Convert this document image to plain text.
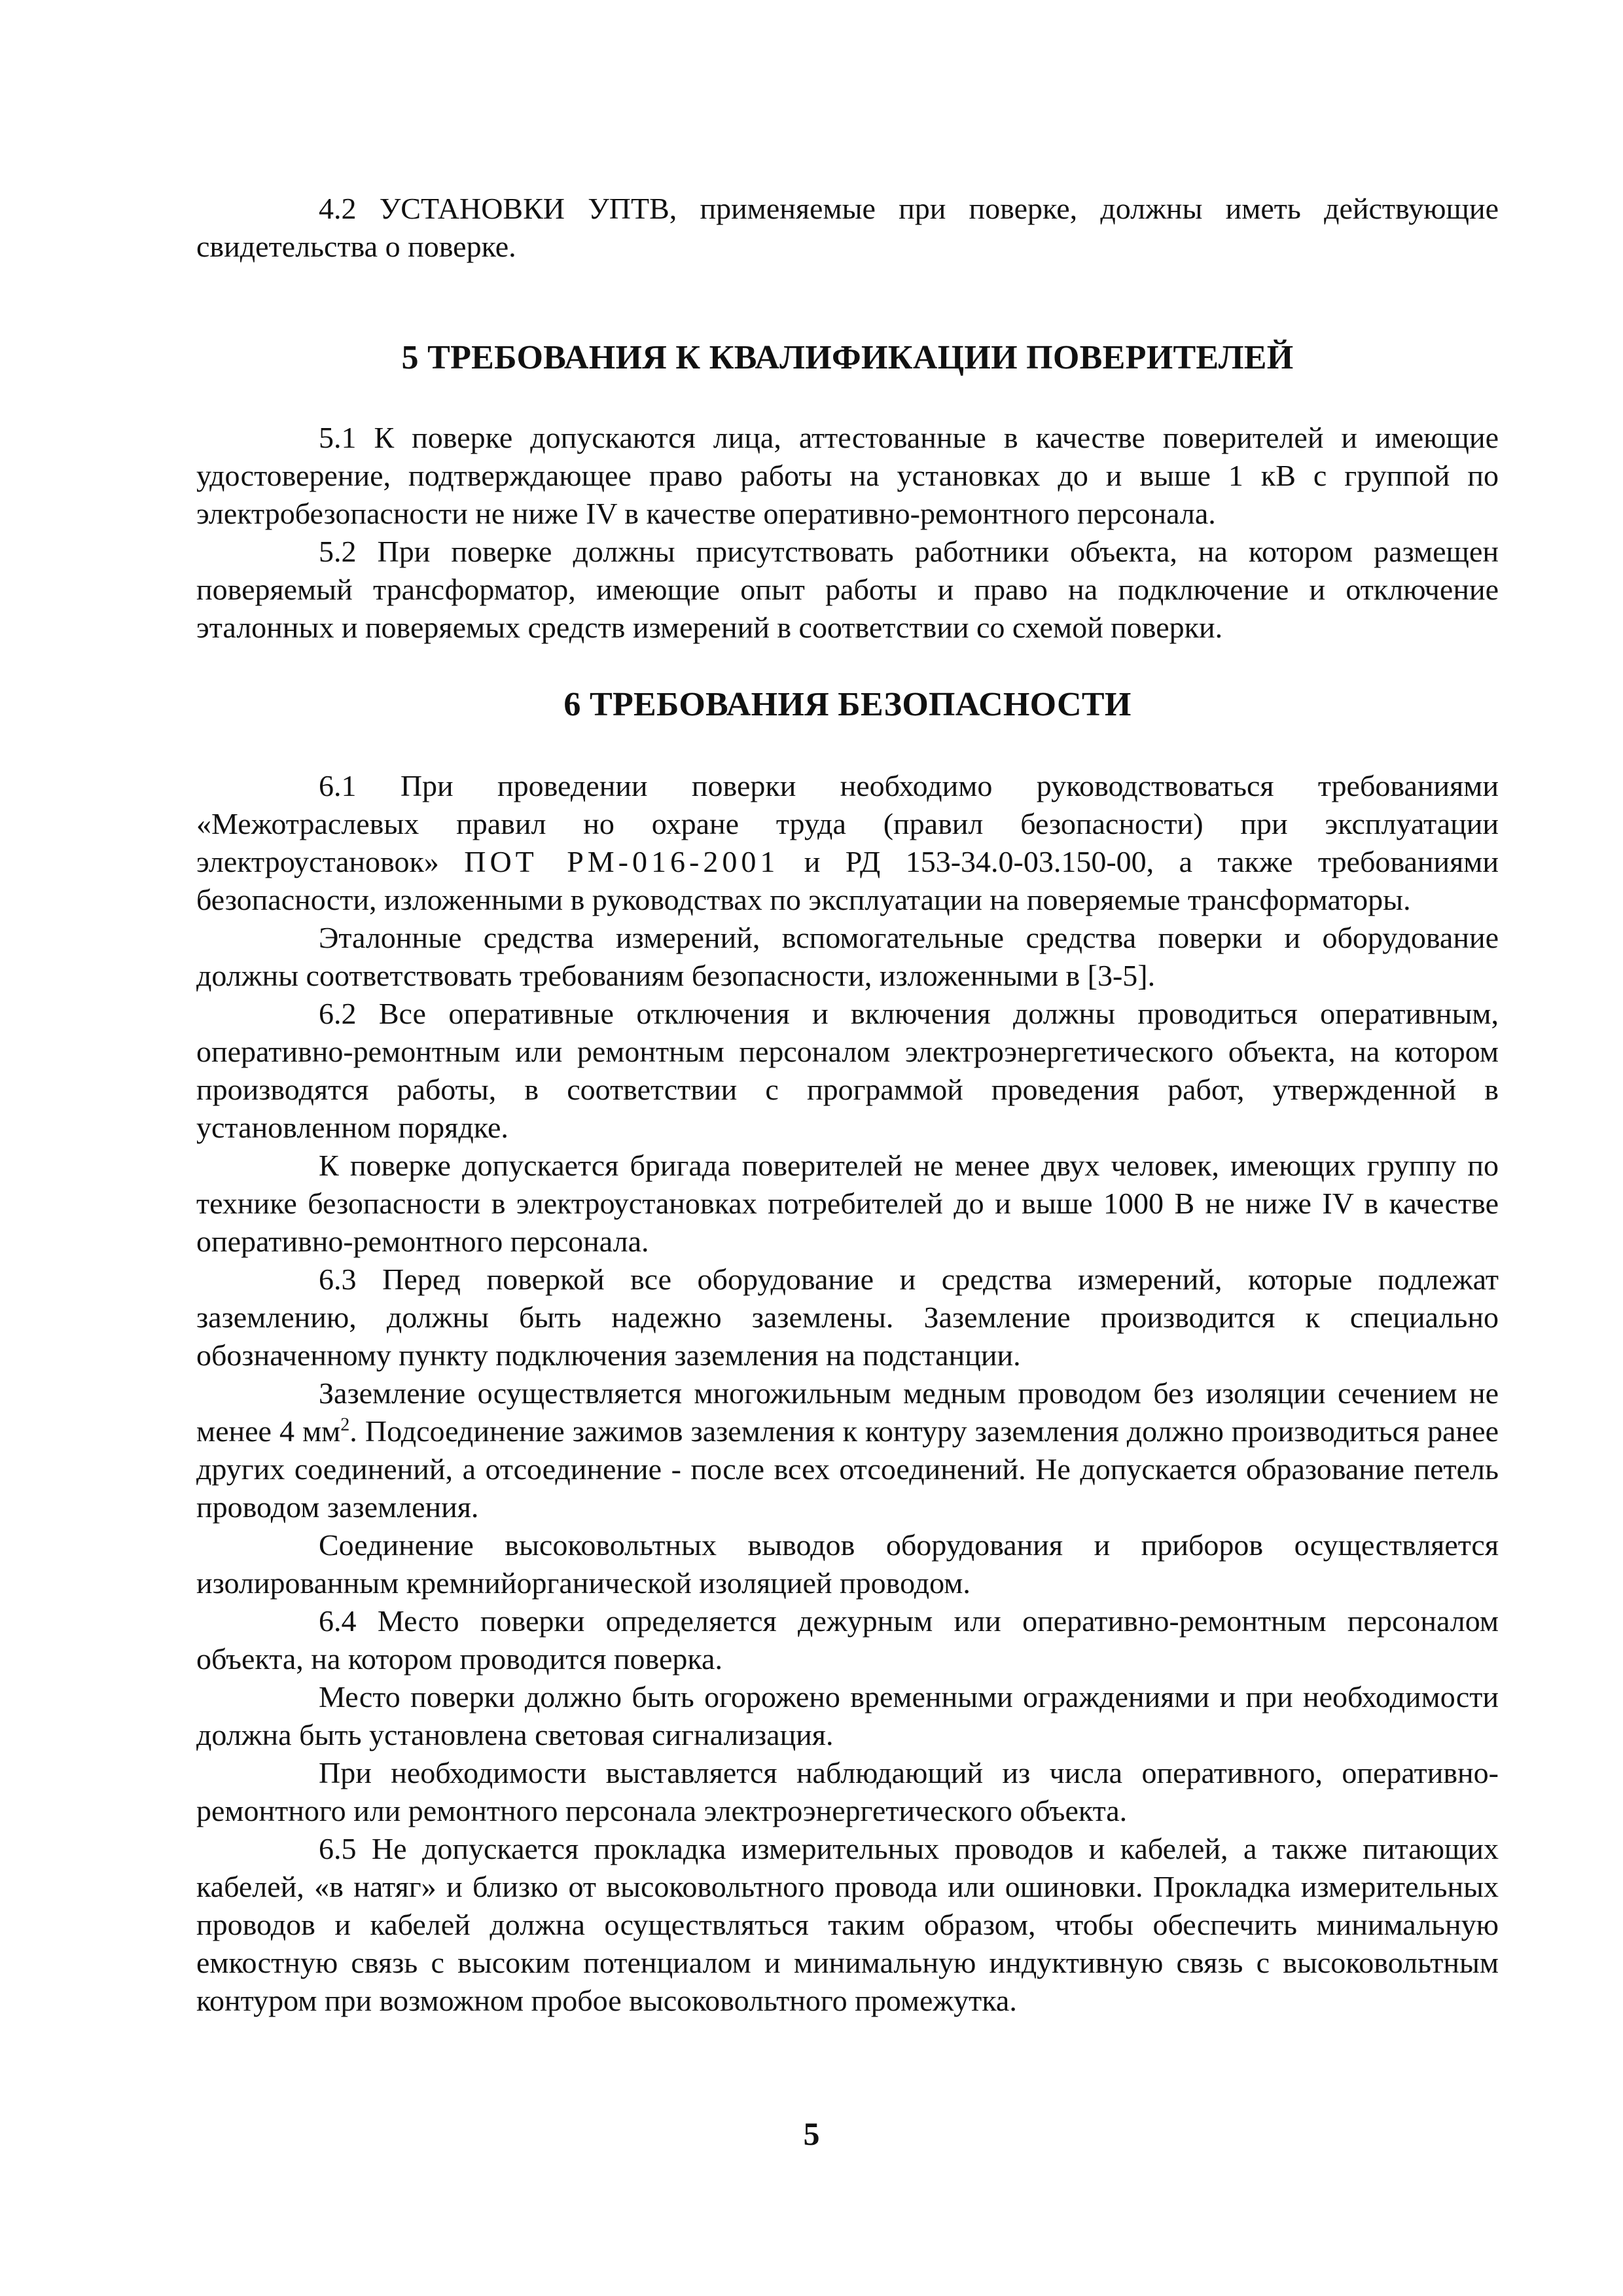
4.2 УСТАНОВКИ УПТВ, применяемые при поверке, должны иметь действующие свидетельства о поверке.

5 ТРЕБОВАНИЯ К КВАЛИФИКАЦИИ ПОВЕРИТЕЛЕЙ

5.1 К поверке допускаются лица, аттестованные в качестве поверителей и имеющие удостоверение, подтверждающее право работы на установках до и выше 1 кВ с группой по электробезопасности не ниже IV в качестве оперативно-ремонтного персонала.

5.2 При поверке должны присутствовать работники объекта, на котором размещен поверяемый трансформатор, имеющие опыт работы и право на подключение и отключение эталонных и поверяемых средств измерений в соответствии со схемой поверки.

6 ТРЕБОВАНИЯ БЕЗОПАСНОСТИ

6.1 При проведении поверки необходимо руководствоваться требованиями «Межотраслевых правил но охране труда (правил безопасности) при эксплуатации электроустановок» ПОТ РМ-016-2001 и РД 153-34.0-03.150-00, а также требованиями безопасности, изложенными в руководствах по эксплуатации на поверяемые трансформаторы.

Эталонные средства измерений, вспомогательные средства поверки и оборудование должны соответствовать требованиям безопасности, изложенными в [3-5].

6.2 Все оперативные отключения и включения должны проводиться оперативным, оперативно-ремонтным или ремонтным персоналом электроэнергетического объекта, на котором производятся работы, в соответствии с программой проведения работ, утвержденной в установленном порядке.

К поверке допускается бригада поверителей не менее двух человек, имеющих группу по технике безопасности в электроустановках потребителей до и выше 1000 В не ниже IV в качестве оперативно-ремонтного персонала.

6.3 Перед поверкой все оборудование и средства измерений, которые подлежат заземлению, должны быть надежно заземлены. Заземление производится к специально обозначенному пункту подключения заземления на подстанции.

Заземление осуществляется многожильным медным проводом без изоляции сечением не менее 4 $мм^2$. Подсоединение зажимов заземления к контуру заземления должно производиться ранее других соединений, а отсоединение - после всех отсоединений. Не допускается образование петель проводом заземления.

Соединение высоковольтных выводов оборудования и приборов осуществляется изолированным кремнийорганической изоляцией проводом.

6.4 Место поверки определяется дежурным или оперативно-ремонтным персоналом объекта, на котором проводится поверка.

Место поверки должно быть огорожено временными ограждениями и при необходимости должна быть установлена световая сигнализация.

При необходимости выставляется наблюдающий из числа оперативного, оперативно-ремонтного или ремонтного персонала электроэнергетического объекта.

6.5 Не допускается прокладка измерительных проводов и кабелей, а также питающих кабелей, «в натяг» и близко от высоковольтного провода или ошиновки. Прокладка измерительных проводов и кабелей должна осуществляться таким образом, чтобы обеспечить минимальную емкостную связь с высоким потенциалом и минимальную индуктивную связь с высоковольтным контуром при возможном пробое высоковольтного промежутка.

5
